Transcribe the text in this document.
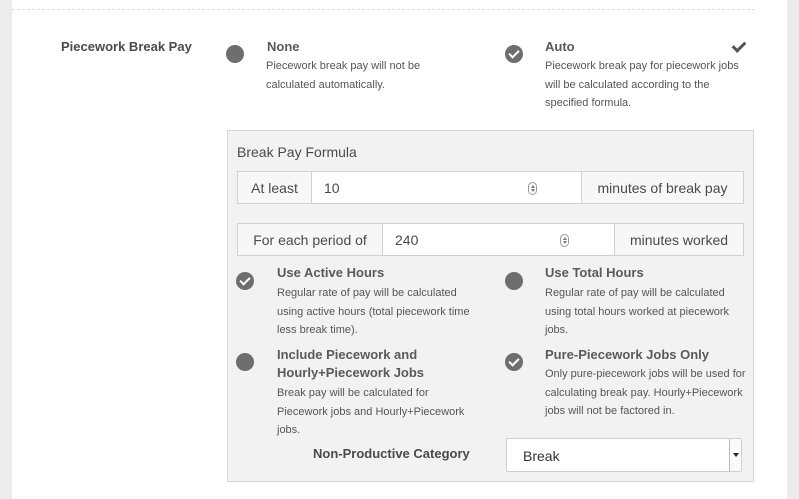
Piecework Break Pay	None
Piecework break pay will not be calculated automatically.
Auto
Piecework break pay for piecework jobs will be calculated according to the specified formula.
Break Pay Formula
At least	10	minutes of break pay
For each period of	240	minutes worked
Use Active Hours
Regular rate of pay will be calculated using active hours (total piecework time less break time).
Use Total Hours
Regular rate of pay will be calculated using total hours worked at piecework jobs.
Include Piecework and Hourly+Piecework Jobs
Break pay will be calculated for Piecework jobs and Hourly+Piecework jobs.
Pure-Piecework Jobs Only
Only pure-piecework jobs will be used for calculating break pay. Hourly+Piecework jobs will not be factored in.
Non-Productive Category	Break
